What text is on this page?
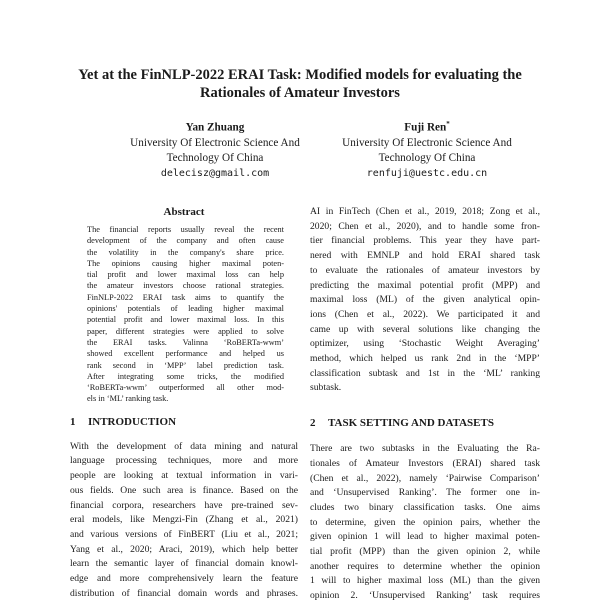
Yet at the FinNLP-2022 ERAI Task: Modified models for evaluating the
Rationales of Amateur Investors
Yan Zhuang
University Of Electronic Science And
Technology Of China
delecisz@gmail.com
Fuji Ren*
University Of Electronic Science And
Technology Of China
renfuji@uestc.edu.cn
Abstract
The financial reports usually reveal the recent
development of the company and often cause
the volatility in the company's share price.
The opinions causing higher maximal poten-
tial profit and lower maximal loss can help
the amateur investors choose rational strategies.
FinNLP-2022 ERAI task aims to quantify the
opinions' potentials of leading higher maximal
potential profit and lower maximal loss. In this
paper, different strategies were applied to solve
the ERAI tasks. Valinna ‘RoBERTa-wwm’
showed excellent performance and helped us
rank second in ‘MPP’ label prediction task.
After integrating some tricks, the modified
‘RoBERTa-wwm’ outperformed all other mod-
els in ‘ML’ ranking task.
1 INTRODUCTION
With the development of data mining and natural
language processing techniques, more and more
people are looking at textual information in vari-
ous fields. One such area is finance. Based on the
financial corpora, researchers have pre-trained sev-
eral models, like Mengzi-Fin (Zhang et al., 2021)
and various versions of FinBERT (Liu et al., 2021;
Yang et al., 2020; Araci, 2019), which help better
learn the semantic layer of financial domain knowl-
edge and more comprehensively learn the feature
distribution of financial domain words and phrases.
AI in FinTech (Chen et al., 2019, 2018; Zong et al.,
2020; Chen et al., 2020), and to handle some fron-
tier financial problems. This year they have part-
nered with EMNLP and hold ERAI shared task
to evaluate the rationales of amateur investors by
predicting the maximal potential profit (MPP) and
maximal loss (ML) of the given analytical opin-
ions (Chen et al., 2022). We participated it and
came up with several solutions like changing the
optimizer, using ‘Stochastic Weight Averaging’
method, which helped us rank 2nd in the ‘MPP’
classification subtask and 1st in the ‘ML’ ranking
subtask.
2 TASK SETTING AND DATASETS
There are two subtasks in the Evaluating the Ra-
tionales of Amateur Investors (ERAI) shared task
(Chen et al., 2022), namely ‘Pairwise Comparison’
and ‘Unsupervised Ranking’. The former one in-
cludes two binary classification tasks. One aims
to determine, given the opinion pairs, whether the
given opinion 1 will lead to higher maximal poten-
tial profit (MPP) than the given opinion 2, while
another requires to determine whether the opinion
1 will to higher maximal loss (ML) than the given
opinion 2. ‘Unsupervised Ranking’ task requires
